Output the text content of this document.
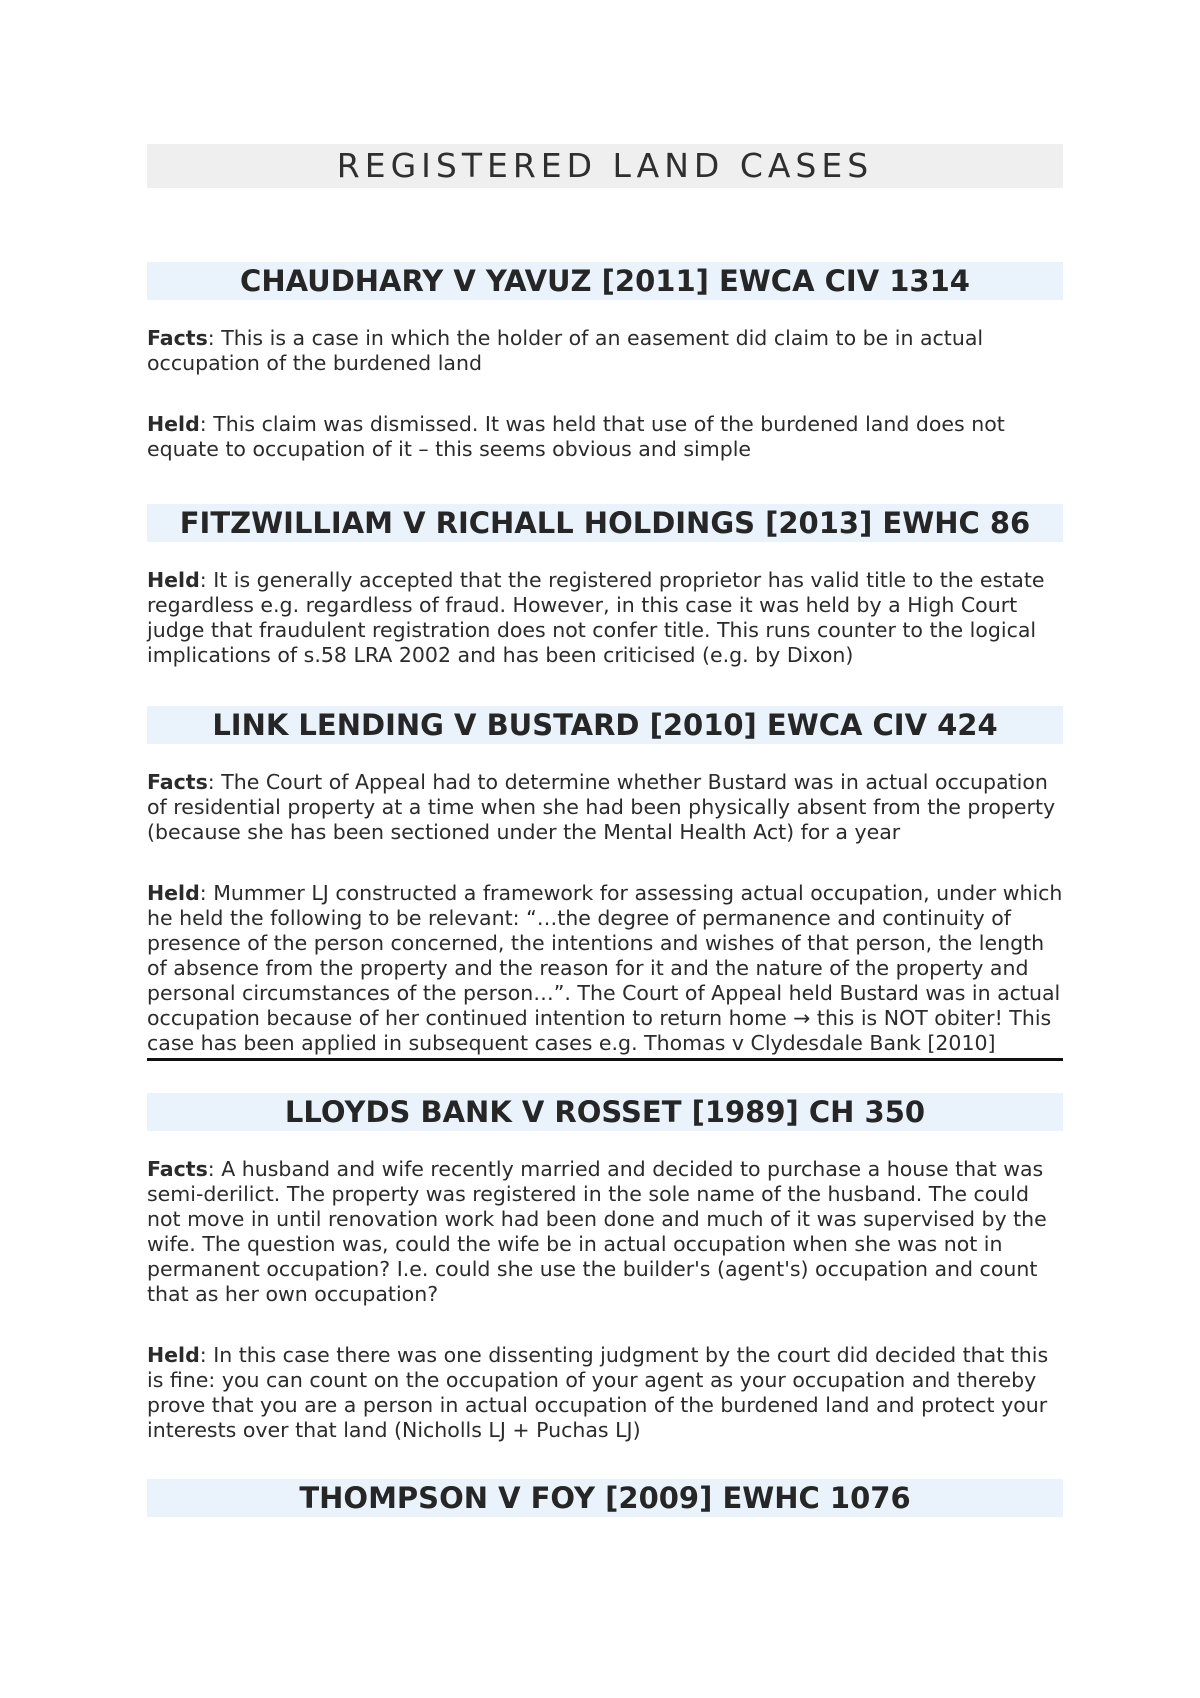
REGISTERED LAND CASES
CHAUDHARY V YAVUZ [2011] EWCA CIV 1314

Facts: This is a case in which the holder of an easement did claim to be in actual occupation of the burdened land

Held: This claim was dismissed. It was held that use of the burdened land does not equate to occupation of it – this seems obvious and simple

FITZWILLIAM V RICHALL HOLDINGS [2013] EWHC 86

Held: It is generally accepted that the registered proprietor has valid title to the estate regardless e.g. regardless of fraud. However, in this case it was held by a High Court judge that fraudulent registration does not confer title. This runs counter to the logical implications of s.58 LRA 2002 and has been criticised (e.g. by Dixon)

LINK LENDING V BUSTARD [2010] EWCA CIV 424

Facts: The Court of Appeal had to determine whether Bustard was in actual occupation of residential property at a time when she had been physically absent from the property (because she has been sectioned under the Mental Health Act) for a year

Held: Mummer LJ constructed a framework for assessing actual occupation, under which he held the following to be relevant: “…the degree of permanence and continuity of presence of the person concerned, the intentions and wishes of that person, the length of absence from the property and the reason for it and the nature of the property and personal circumstances of the person…”. The Court of Appeal held Bustard was in actual occupation because of her continued intention to return home → this is NOT obiter! This case has been applied in subsequent cases e.g. Thomas v Clydesdale Bank [2010]

LLOYDS BANK V ROSSET [1989] CH 350

Facts: A husband and wife recently married and decided to purchase a house that was semi-derilict. The property was registered in the sole name of the husband. The could not move in until renovation work had been done and much of it was supervised by the wife. The question was, could the wife be in actual occupation when she was not in permanent occupation? I.e. could she use the builder's (agent's) occupation and count that as her own occupation?

Held: In this case there was one dissenting judgment by the court did decided that this is fine: you can count on the occupation of your agent as your occupation and thereby prove that you are a person in actual occupation of the burdened land and protect your interests over that land (Nicholls LJ + Puchas LJ)

THOMPSON V FOY [2009] EWHC 1076
